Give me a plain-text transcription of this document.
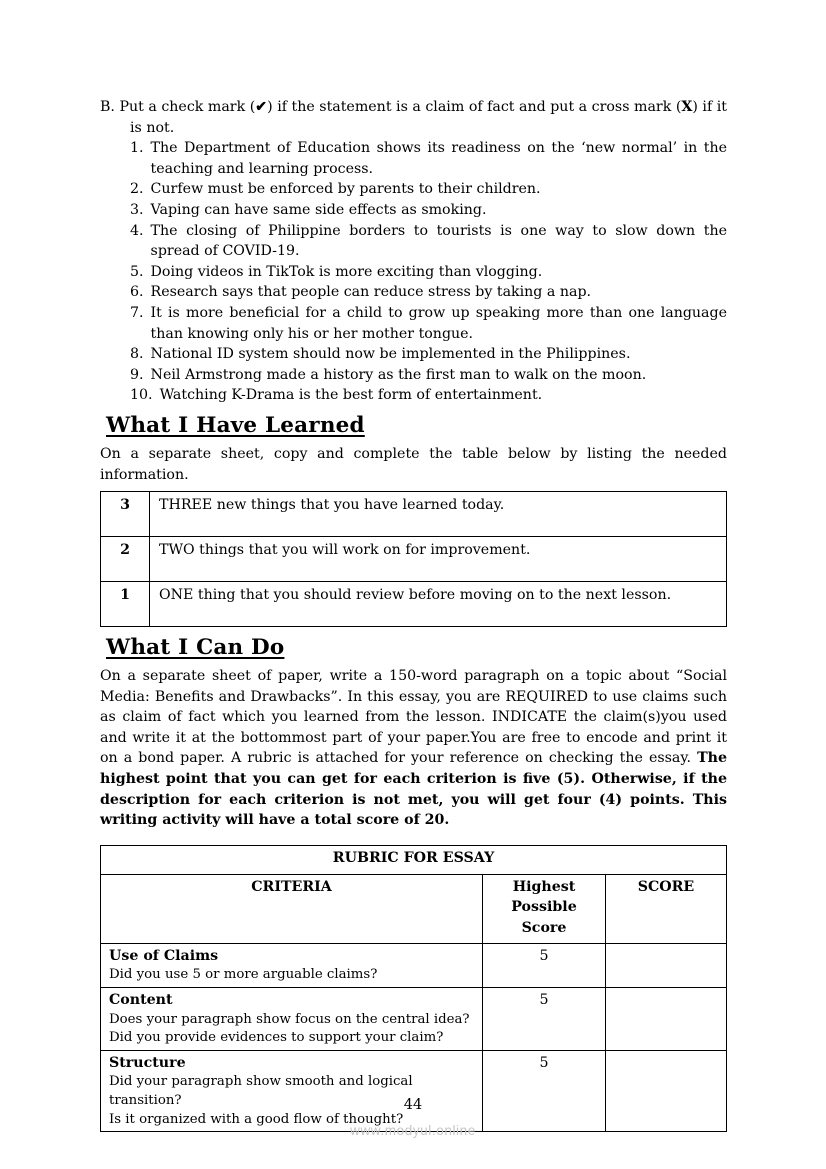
B. Put a check mark (✔) if the statement is a claim of fact and put a cross mark (X) if it is not.

1. The Department of Education shows its readiness on the ‘new normal’ in the teaching and learning process.
2. Curfew must be enforced by parents to their children.
3. Vaping can have same side effects as smoking.
4. The closing of Philippine borders to tourists is one way to slow down the spread of COVID-19.
5. Doing videos in TikTok is more exciting than vlogging.
6. Research says that people can reduce stress by taking a nap.
7. It is more beneficial for a child to grow up speaking more than one language than knowing only his or her mother tongue.
8. National ID system should now be implemented in the Philippines.
9. Neil Armstrong made a history as the first man to walk on the moon.
10. Watching K-Drama is the best form of entertainment.
What I Have Learned

On a separate sheet, copy and complete the table below by listing the needed information.

3	THREE new things that you have learned today.
2	TWO things that you will work on for improvement.
1	ONE thing that you should review before moving on to the next lesson.
What I Can Do

On a separate sheet of paper, write a 150-word paragraph on a topic about “Social Media: Benefits and Drawbacks”. In this essay, you are REQUIRED to use claims such as claim of fact which you learned from the lesson. INDICATE the claim(s)you used and write it at the bottommost part of your paper.You are free to encode and print it on a bond paper. A rubric is attached for your reference on checking the essay. The highest point that you can get for each criterion is five (5). Otherwise, if the description for each criterion is not met, you will get four (4) points. This writing activity will have a total score of 20.

RUBRIC FOR ESSAY		
CRITERIA	Highest Possible Score	SCORE

Use of Claims
Did you use 5 or more arguable claims?	5	

Content
Does your paragraph show focus on the central idea?
Did you provide evidences to support your claim?	5	

Structure
Did your paragraph show smooth and logical transition?
Is it organized with a good flow of thought?	5	
44
www.modyul.online
